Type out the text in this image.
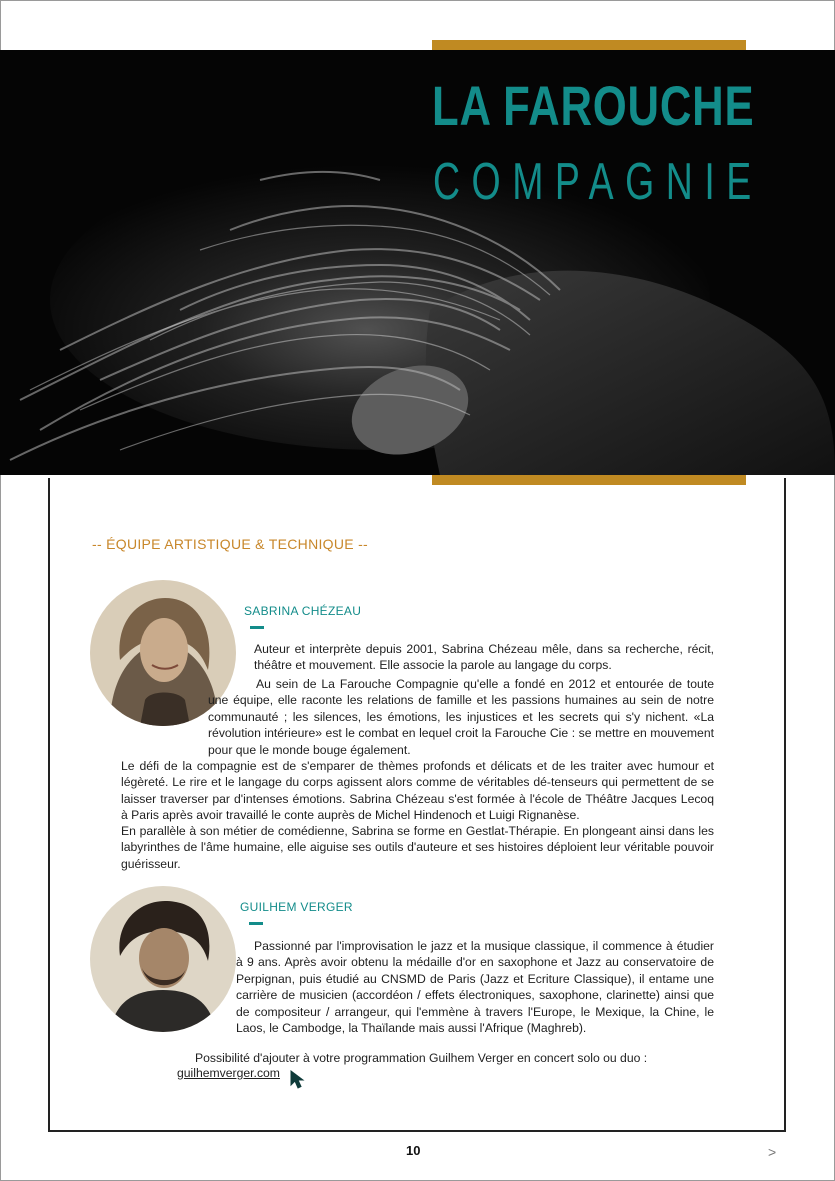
LA FAROUCHE
COMPAGNIE
-- ÉQUIPE ARTISTIQUE & TECHNIQUE --
SABRINA CHÉZEAU
Auteur et interprète depuis 2001, Sabrina Chézeau mêle, dans sa recherche, récit, théâtre et mouvement. Elle associe la parole au langage du corps.
Au sein de La Farouche Compagnie qu'elle a fondé en 2012 et entourée de toute une équipe, elle raconte les relations de famille et les passions humaines au sein de notre communauté ; les silences, les émotions, les injustices et les secrets qui s'y nichent. «La révolution intérieure» est le combat en lequel croit la Farouche Cie : se mettre en mouvement pour que le monde bouge également.
Le défi de la compagnie est de s'emparer de thèmes profonds et délicats et de les traiter avec humour et légèreté. Le rire et le langage du corps agissent alors comme de véritables dé-tenseurs qui permettent de se laisser traverser par d'intenses émotions. Sabrina Chézeau s'est formée à l'école de Théâtre Jacques Lecoq à Paris après avoir travaillé le conte auprès de Michel Hindenoch et Luigi Rignanèse.
En parallèle à son métier de comédienne, Sabrina se forme en Gestlat-Thérapie. En plongeant ainsi dans les labyrinthes de l'âme humaine, elle aiguise ses outils d'auteure et ses histoires déploient leur véritable pouvoir guérisseur.
GUILHEM VERGER
Passionné par l'improvisation le jazz et la musique classique, il commence à étudier à 9 ans. Après avoir obtenu la médaille d'or en saxophone et Jazz au conservatoire de Perpignan, puis étudié au CNSMD de Paris (Jazz et Ecriture Classique), il entame une carrière de musicien (accordéon / effets électroniques, saxophone, clarinette) ainsi que de compositeur / arrangeur, qui l'emmène à travers l'Europe, le Mexique, la Chine, le Laos, le Cambodge, la Thaïlande mais aussi l'Afrique (Maghreb).
Possibilité d'ajouter à votre programmation Guilhem Verger en concert solo ou duo :
guilhemverger.com
10	>
